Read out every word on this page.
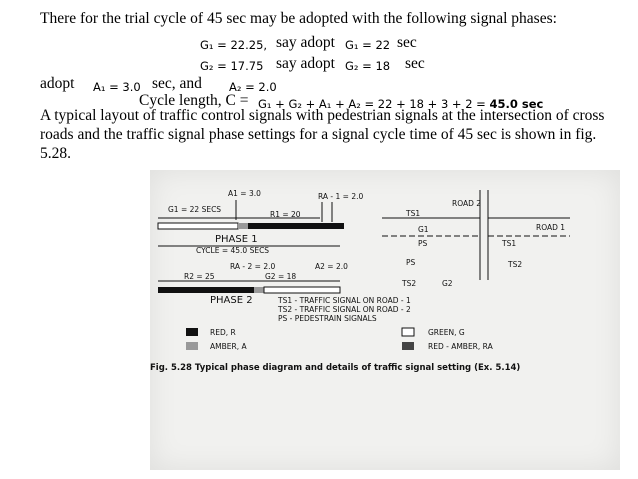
There for the trial cycle of 45 sec may be adopted with the following signal phases:
G₁ = 22.25, say adopt G₁ = 22 sec
G₂ = 17.75 say adopt G₂ = 18 sec
adopt A₁ = 3.0 sec, and A₂ = 2.0
Cycle length, C = G₁ + G₂ + A₁ + A₂ = 22 + 18 + 3 + 2 = 45.0 sec
A typical layout of traffic control signals with pedestrian signals at the intersection of cross roads and the traffic signal phase settings for a signal cycle time of 45 sec is shown in fig. 5.28.
A1 = 3.0	RA - 1 = 2.0
G1 = 22 SECS
R1 = 20
PHASE 1
CYCLE = 45.0 SECS
RA - 2 = 2.0	A2 = 2.0
R2 = 25	G2 = 18
PHASE 2	TS1 - TRAFFIC SIGNAL ON ROAD - 1
TS2 - TRAFFIC SIGNAL ON ROAD - 2
PS - PEDESTRAIN SIGNALS
ROAD 2
TS1
G1	ROAD 1
PS	TS1
PS	TS2
TS2	G2
RED, R
AMBER, A
GREEN, G
RED - AMBER, RA
Fig. 5.28 Typical phase diagram and details of traffic signal setting (Ex. 5.14)
